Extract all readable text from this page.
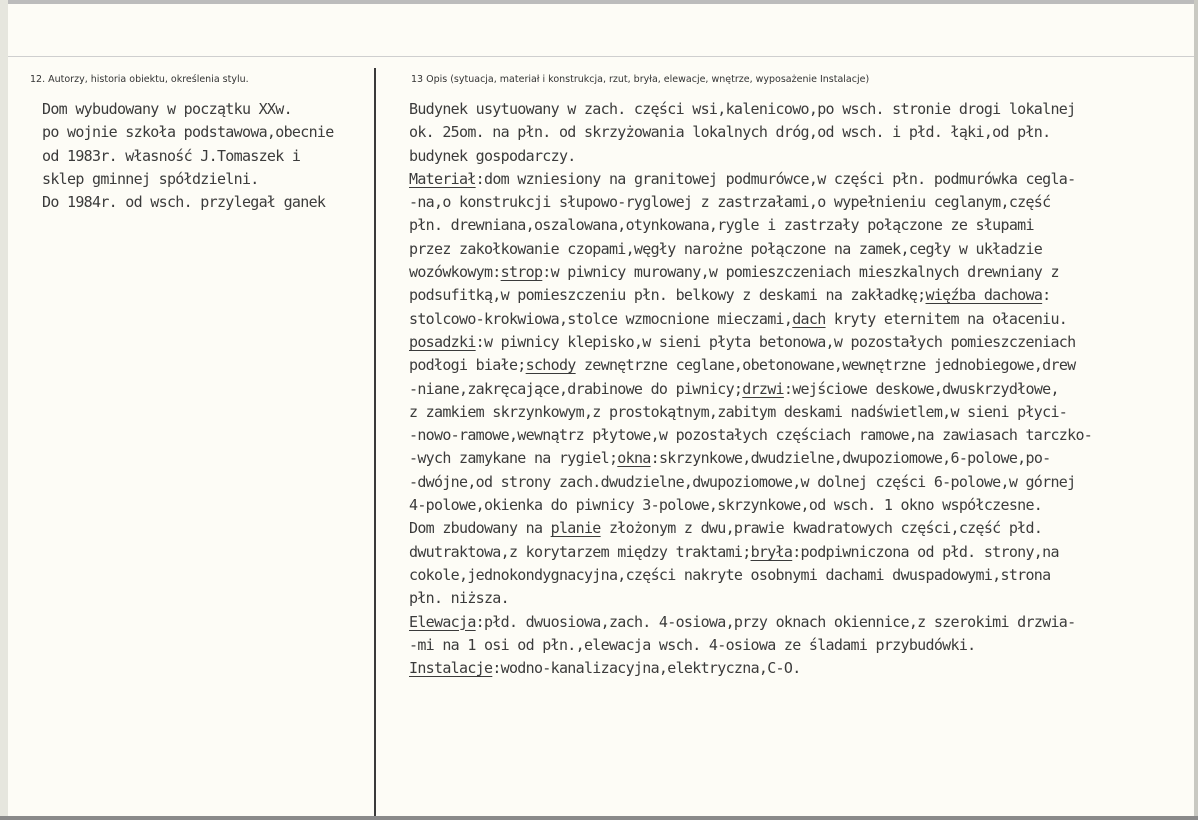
12. Autorzy, historia obiektu, określenia stylu.	13 Opis (sytuacja, materiał i konstrukcja, rzut, bryła, elewacje, wnętrze, wyposażenie Instalacje)
Dom wybudowany w początku XXw.
po wojnie szkoła podstawowa,obecnie
od 1983r. własność J.Tomaszek i
sklep gminnej spółdzielni.
Do 1984r. od wsch. przylegał ganek
Budynek usytuowany w zach. części wsi,kalenicowo,po wsch. stronie drogi lokalnej
ok. 25om. na płn. od skrzyżowania lokalnych dróg,od wsch. i płd. łąki,od płn.
budynek gospodarczy.
Materiał:dom wzniesiony na granitowej podmurówce,w części płn. podmurówka cegla-
-na,o konstrukcji słupowo-ryglowej z zastrzałami,o wypełnieniu ceglanym,część
płn. drewniana,oszalowana,otynkowana,rygle i zastrzały połączone ze słupami
przez zakołkowanie czopami,węgły narożne połączone na zamek,cegły w układzie
wozówkowym:strop:w piwnicy murowany,w pomieszczeniach mieszkalnych drewniany z
podsufitką,w pomieszczeniu płn. belkowy z deskami na zakładkę;więźba dachowa:
stolcowo-krokwiowa,stolce wzmocnione mieczami,dach kryty eternitem na ołaceniu.
posadzki:w piwnicy klepisko,w sieni płyta betonowa,w pozostałych pomieszczeniach
podłogi białe;schody zewnętrzne ceglane,obetonowane,wewnętrzne jednobiegowe,drew
-niane,zakręcające,drabinowe do piwnicy;drzwi:wejściowe deskowe,dwuskrzydłowe,
z zamkiem skrzynkowym,z prostokątnym,zabitym deskami nadświetlem,w sieni płyci-
-nowo-ramowe,wewnątrz płytowe,w pozostałych częściach ramowe,na zawiasach tarczko-
-wych zamykane na rygiel;okna:skrzynkowe,dwudzielne,dwupoziomowe,6-polowe,po-
-dwójne,od strony zach.dwudzielne,dwupoziomowe,w dolnej części 6-polowe,w górnej
4-polowe,okienka do piwnicy 3-polowe,skrzynkowe,od wsch. 1 okno współczesne.
Dom zbudowany na planie złożonym z dwu,prawie kwadratowych części,część płd.
dwutraktowa,z korytarzem między traktami;bryła:podpiwniczona od płd. strony,na
cokole,jednokondygnacyjna,części nakryte osobnymi dachami dwuspadowymi,strona
płn. niższa.
Elewacja:płd. dwuosiowa,zach. 4-osiowa,przy oknach okiennice,z szerokimi drzwia-
-mi na 1 osi od płn.,elewacja wsch. 4-osiowa ze śladami przybudówki.
Instalacje:wodno-kanalizacyjna,elektryczna,C-O.
